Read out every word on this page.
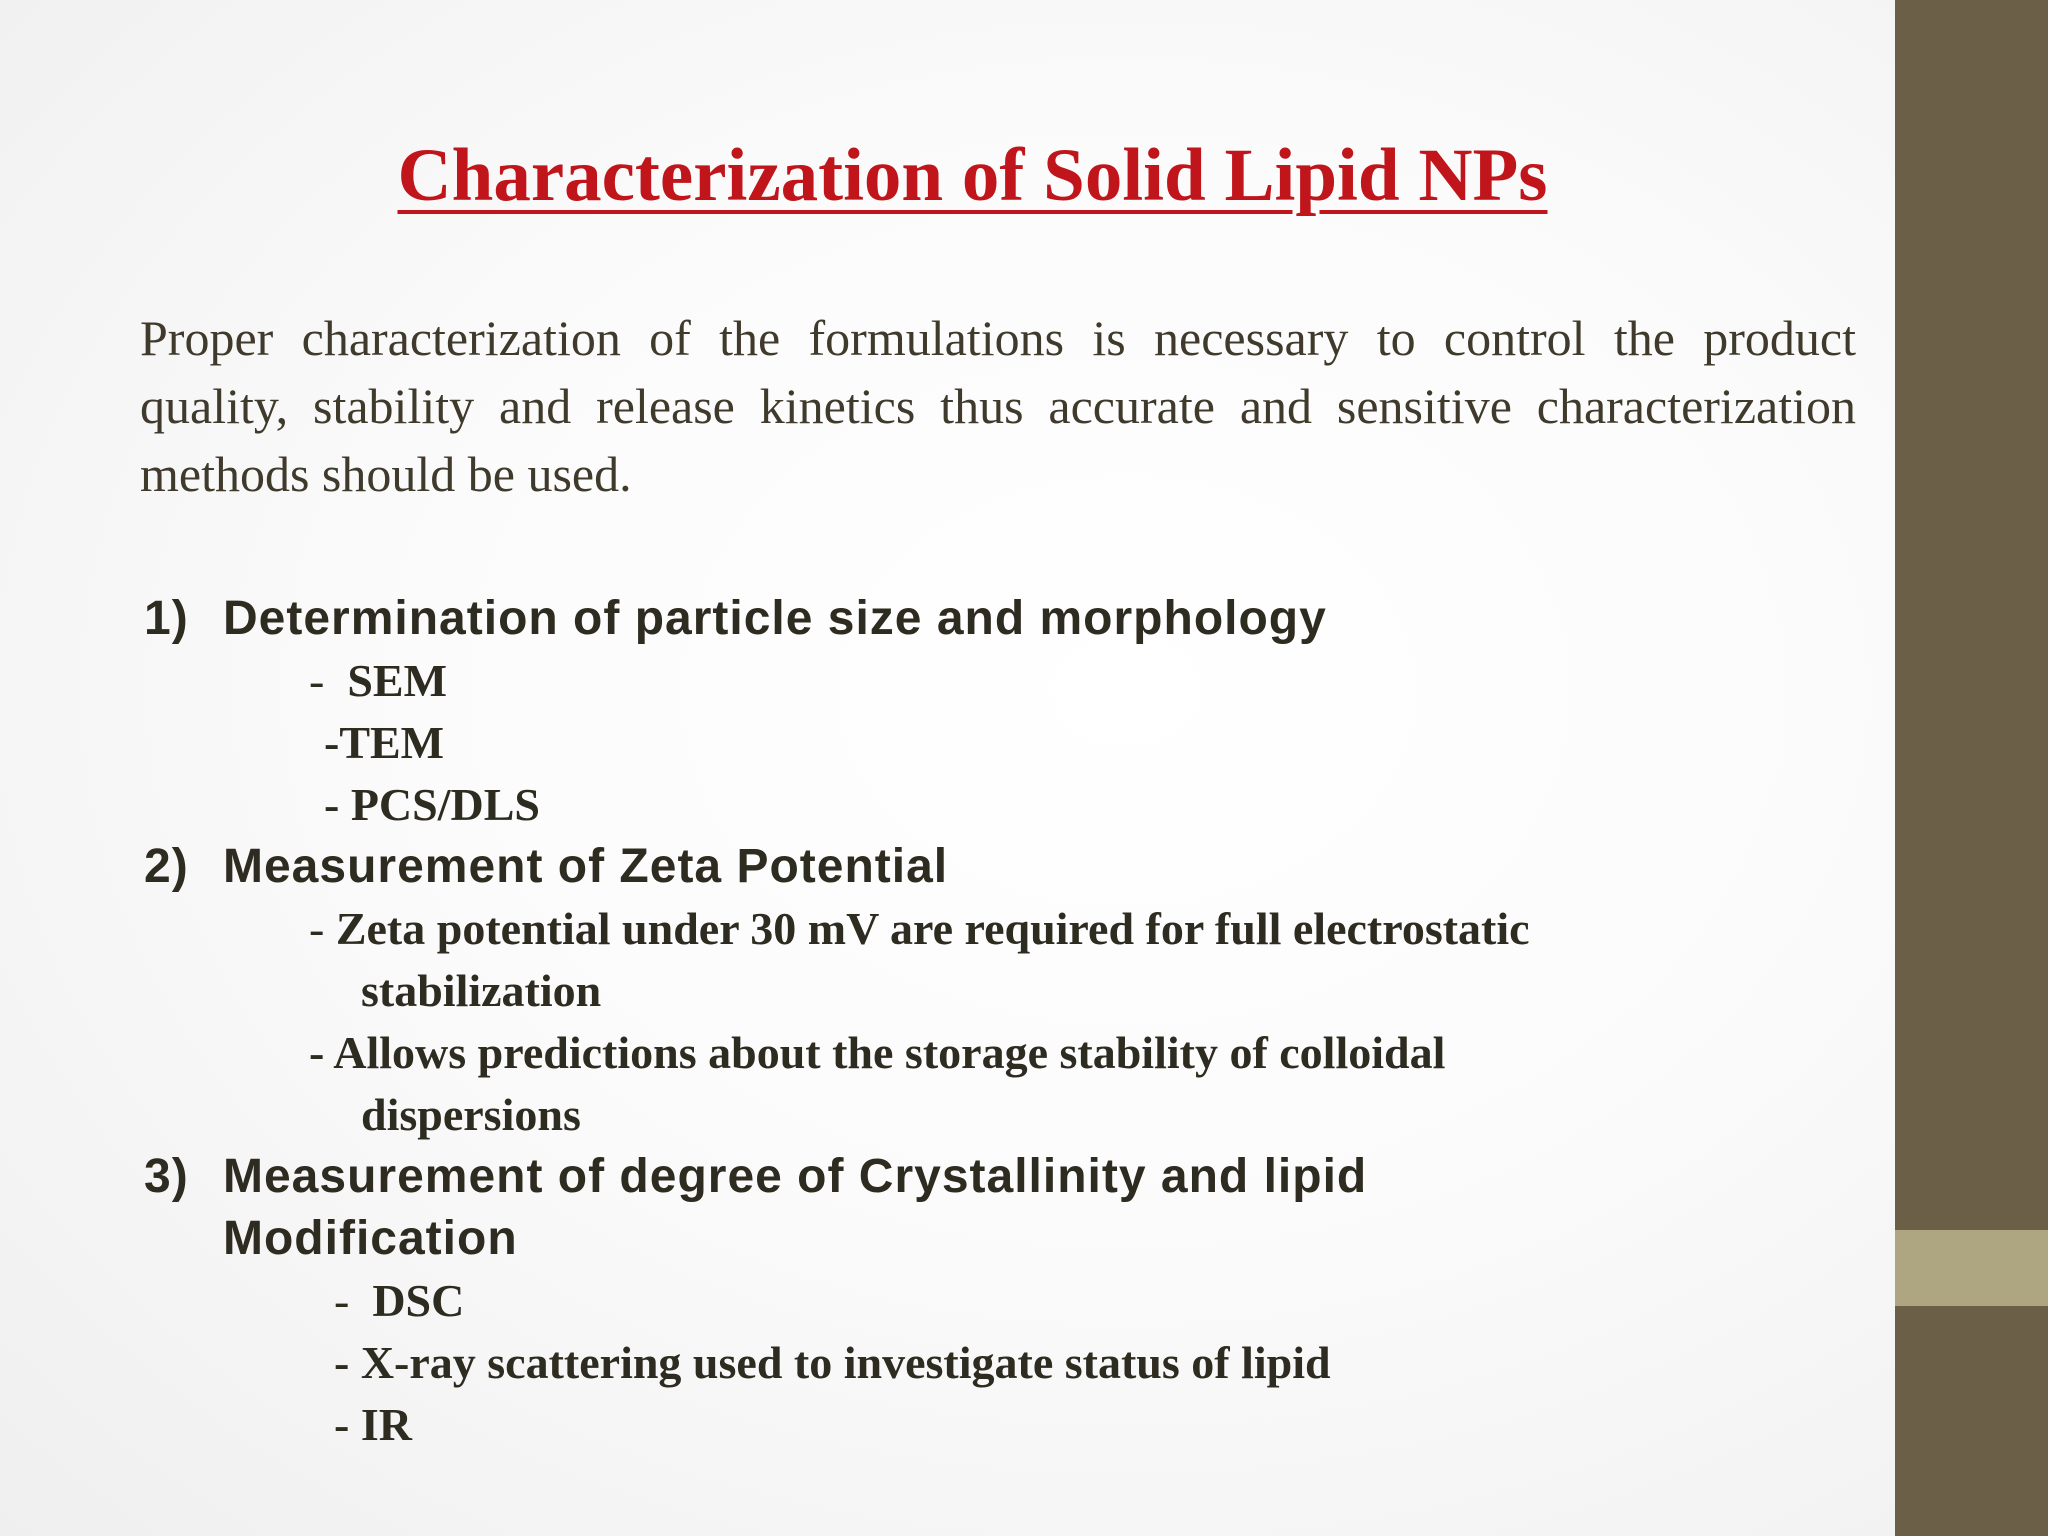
Characterization of Solid Lipid NPs

Proper characterization of the formulations is necessary to control the product quality, stability and release kinetics thus accurate and sensitive characterization methods should be used.

1) Determination of particle size and morphology
-  SEM
-TEM
- PCS/DLS
2) Measurement of Zeta Potential
- Zeta potential under 30 mV are required for full electrostatic
stabilization
- Allows predictions about the storage stability of colloidal
dispersions
3) Measurement of degree of Crystallinity and lipid
Modification
-  DSC
- X-ray scattering used to investigate status of lipid
- IR
